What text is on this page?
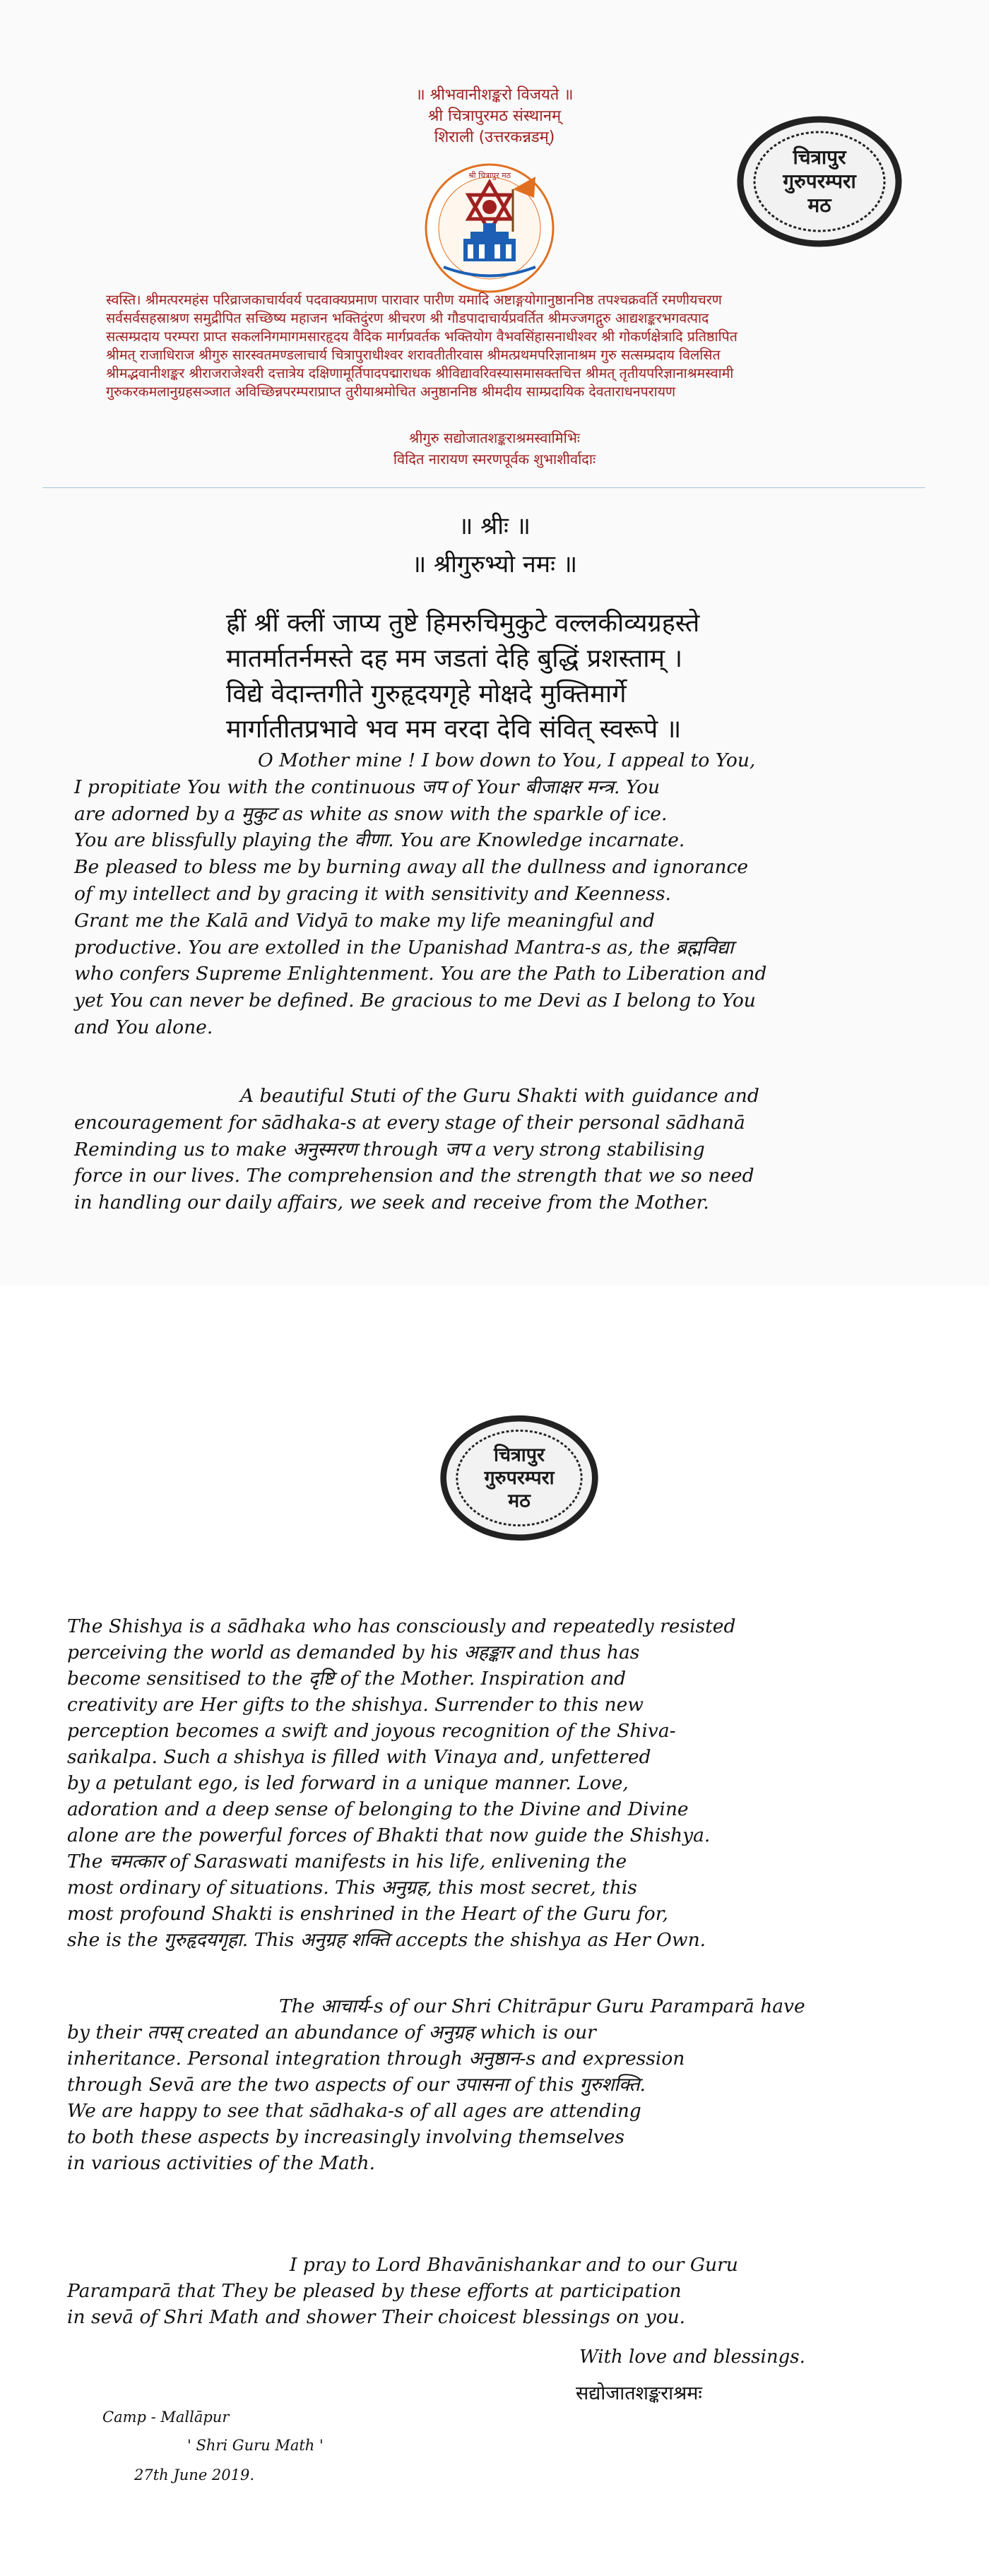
॥ श्रीभवानीशङ्करो विजयते ॥
श्री चित्रापुरमठ संस्थानम्
शिराली (उत्तरकन्नडम्)
श्री चित्रापुर मठ
चित्रापुर
गुरुपरम्परा
मठ
स्वस्ति। श्रीमत्परमहंस परिव्राजकाचार्यवर्य पदवाक्यप्रमाण पारावार पारीण यमादि अष्टाङ्गयोगानुष्ठाननिष्ठ तपश्चक्रवर्ति रमणीयचरण
सर्वसर्वसहस्राश्रण समुद्रीपित सच्छिष्य महाजन भक्तिदुंरण श्रीचरण श्री गौडपादाचार्यप्रवर्तित श्रीमज्जगद्गुरु आद्यशङ्करभगवत्पाद
सत्सम्प्रदाय परम्परा प्राप्त सकलनिगमागमसारहृदय वैदिक मार्गप्रवर्तक भक्तियोग वैभवसिंहासनाधीश्वर श्री गोकर्णक्षेत्रादि प्रतिष्ठापित
श्रीमत् राजाधिराज श्रीगुरु सारस्वतमण्डलाचार्य चित्रापुराधीश्वर शरावतीतीरवास श्रीमत्प्रथमपरिज्ञानाश्रम गुरु सत्सम्प्रदाय विलसित
श्रीमद्भवानीशङ्कर श्रीराजराजेश्वरी दत्तात्रेय दक्षिणामूर्तिपादपद्माराधक श्रीविद्यावरिवस्यासमासक्तचित्त श्रीमत् तृतीयपरिज्ञानाश्रमस्वामी
गुरुकरकमलानुग्रहसञ्जात अविच्छिन्नपरम्पराप्राप्त तुरीयाश्रमोचित अनुष्ठाननिष्ठ श्रीमदीय साम्प्रदायिक देवताराधनपरायण
श्रीगुरु सद्योजातशङ्कराश्रमस्वामिभिः
विदित नारायण स्मरणपूर्वक शुभाशीर्वादाः
॥ श्रीः ॥
॥ श्रीगुरुभ्यो नमः ॥
ह्रीं श्रीं क्लीं जाप्य तुष्टे हिमरुचिमुकुटे वल्लकीव्यग्रहस्ते
मातर्मातर्नमस्ते दह मम जडतां देहि बुद्धिं प्रशस्ताम् ।
विद्ये वेदान्तगीते गुरुहृदयगृहे मोक्षदे मुक्तिमार्गे
मार्गातीतप्रभावे भव मम वरदा देवि संवित् स्वरूपे ॥
O Mother mine ! I bow down to You, I appeal to You,
I propitiate You with the continuous जप of Your बीजाक्षर मन्त्र. You
are adorned by a मुकुट as white as snow with the sparkle of ice.
You are blissfully playing the वीणा. You are Knowledge incarnate.
Be pleased to bless me by burning away all the dullness and ignorance
of my intellect and by gracing it with sensitivity and Keenness.
Grant me the Kalā and Vidyā to make my life meaningful and
productive. You are extolled in the Upanishad Mantra-s as, the ब्रह्मविद्या
who confers Supreme Enlightenment. You are the Path to Liberation and
yet You can never be defined. Be gracious to me Devi as I belong to You
and You alone.
A beautiful Stuti of the Guru Shakti with guidance and
encouragement for sādhaka-s at every stage of their personal sādhanā
Reminding us to make अनुस्मरण through जप a very strong stabilising
force in our lives. The comprehension and the strength that we so need
in handling our daily affairs, we seek and receive from the Mother.
चित्रापुर
गुरुपरम्परा
मठ
The Shishya is a sādhaka who has consciously and repeatedly resisted
perceiving the world as demanded by his अहङ्कार and thus has
become sensitised to the दृष्टि of the Mother. Inspiration and
creativity are Her gifts to the shishya. Surrender to this new
perception becomes a swift and joyous recognition of the Shiva-
saṅkalpa. Such a shishya is filled with Vinaya and, unfettered
by a petulant ego, is led forward in a unique manner. Love,
adoration and a deep sense of belonging to the Divine and Divine
alone are the powerful forces of Bhakti that now guide the Shishya.
The चमत्कार of Saraswati manifests in his life, enlivening the
most ordinary of situations. This अनुग्रह, this most secret, this
most profound Shakti is enshrined in the Heart of the Guru for,
she is the गुरुहृदयगृहा. This अनुग्रह शक्ति accepts the shishya as Her Own.
The आचार्य-s of our Shri Chitrāpur Guru Paramparā have
by their तपस् created an abundance of अनुग्रह which is our
inheritance. Personal integration through अनुष्ठान-s and expression
through Sevā are the two aspects of our उपासना of this गुरुशक्ति.
We are happy to see that sādhaka-s of all ages are attending
to both these aspects by increasingly involving themselves
in various activities of the Math.
I pray to Lord Bhavānishankar and to our Guru
Paramparā that They be pleased by these efforts at participation
in sevā of Shri Math and shower Their choicest blessings on you.
With love and blessings.
सद्योजातशङ्कराश्रमः
Camp - Mallāpur
' Shri Guru Math '
27th June 2019.
